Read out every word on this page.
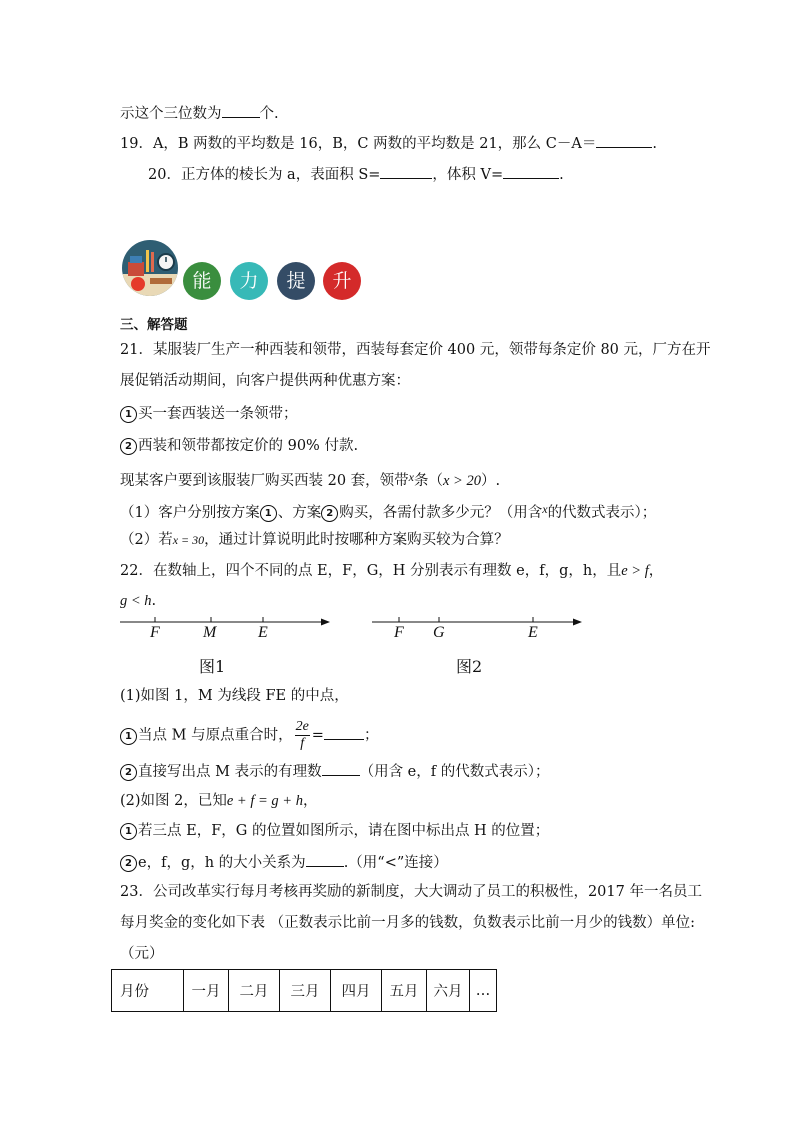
示这个三位数为	个.
19．A，B 两数的平均数是 16，B，C 两数的平均数是 21，那么 C－A＝	.
20．正方体的棱长为 a，表面积 S=	，体积 V=	.
能	力	提	升
三、解答题
21．某服装厂生产一种西装和领带，西装每套定价 400 元，领带每条定价 80 元，厂方在开
展促销活动期间，向客户提供两种优惠方案：
1 买一套西装送一条领带；
2 西装和领带都按定价的 90% 付款.
现某客户要到该服装厂购买西装 20 套，领带$^x$条（x > 20）.
（1）客户分别按方案 1 、方案 2 购买，各需付款多少元？（用含$^x$的代数式表示）；
（2）若x = 30，通过计算说明此时按哪种方案购买较为合算？
22．在数轴上，四个不同的点 E，F，G，H 分别表示有理数 e，f，g，h，且e > f，
g < h.
F	M	E
图1
F G	E
图2
(1)如图 1，M 为线段 FE 的中点，
1 当点 M 与原点重合时， $\frac{2e}{f}$ =	；
2 直接写出点 M 表示的有理数	（用含 e，f 的代数式表示）；
(2)如图 2，已知e + f = g + h，
1 若三点 E，F，G 的位置如图所示，请在图中标出点 H 的位置；
2 e，f，g，h 的大小关系为	.（用“<”连接）
23．公司改革实行每月考核再奖励的新制度，大大调动了员工的积极性，2017 年一名员工
每月奖金的变化如下表 （正数表示比前一月多的钱数，负数表示比前一月少的钱数）单位:
（元）
月份	一月	二月	三月	四月	五月	六月	…
